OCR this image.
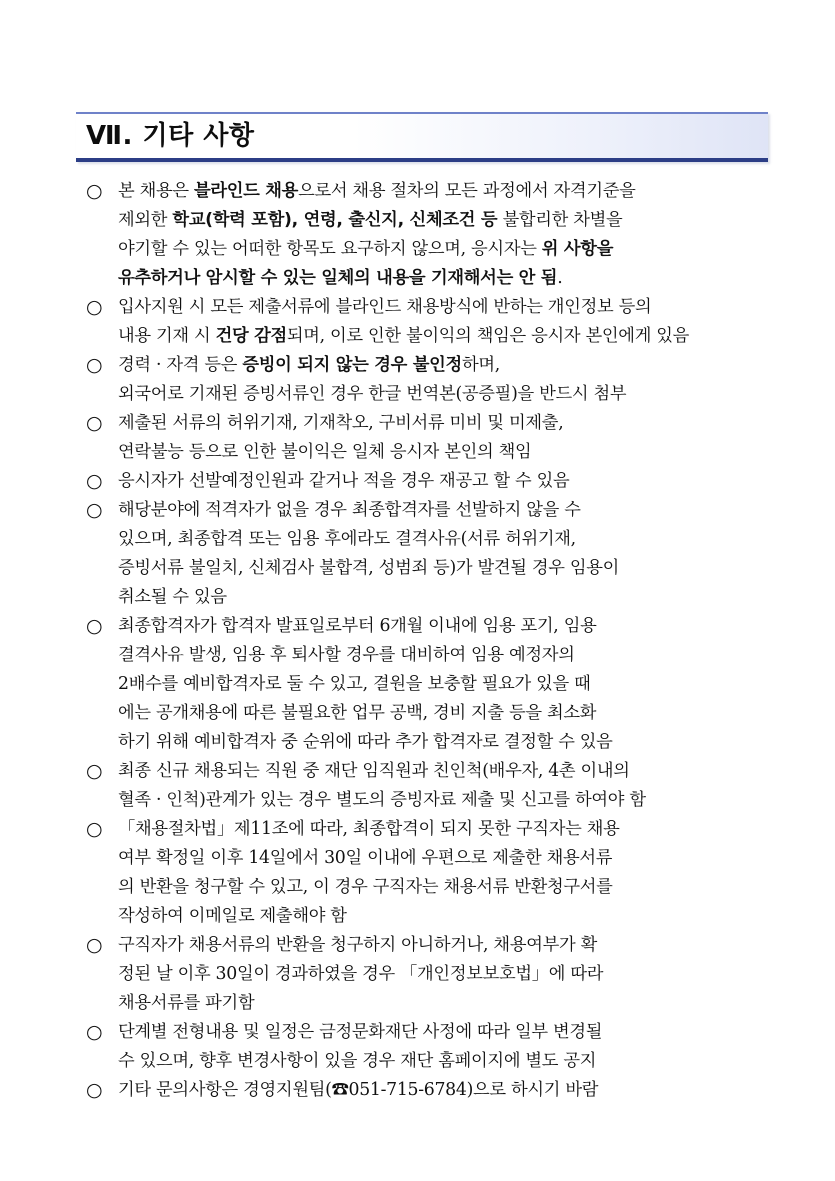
Ⅶ. 기타 사항
○ 본 채용은 블라인드 채용으로서 채용 절차의 모든 과정에서 자격기준을
제외한 학교(학력 포함), 연령, 출신지, 신체조건 등 불합리한 차별을
야기할 수 있는 어떠한 항목도 요구하지 않으며, 응시자는 위 사항을
유추하거나 암시할 수 있는 일체의 내용을 기재해서는 안 됨.
○ 입사지원 시 모든 제출서류에 블라인드 채용방식에 반하는 개인정보 등의
내용 기재 시 건당 감점되며, 이로 인한 불이익의 책임은 응시자 본인에게 있음
○ 경력 · 자격 등은 증빙이 되지 않는 경우 불인정하며,
외국어로 기재된 증빙서류인 경우 한글 번역본(공증필)을 반드시 첨부
○ 제출된 서류의 허위기재, 기재착오, 구비서류 미비 및 미제출,
연락불능 등으로 인한 불이익은 일체 응시자 본인의 책임
○ 응시자가 선발예정인원과 같거나 적을 경우 재공고 할 수 있음
○ 해당분야에 적격자가 없을 경우 최종합격자를 선발하지 않을 수
있으며, 최종합격 또는 임용 후에라도 결격사유(서류 허위기재,
증빙서류 불일치, 신체검사 불합격, 성범죄 등)가 발견될 경우 임용이
취소될 수 있음
○ 최종합격자가 합격자 발표일로부터 6개월 이내에 임용 포기, 임용
결격사유 발생, 임용 후 퇴사할 경우를 대비하여 임용 예정자의
2배수를 예비합격자로 둘 수 있고, 결원을 보충할 필요가 있을 때
에는 공개채용에 따른 불필요한 업무 공백, 경비 지출 등을 최소화
하기 위해 예비합격자 중 순위에 따라 추가 합격자로 결정할 수 있음
○ 최종 신규 채용되는 직원 중 재단 임직원과 친인척(배우자, 4촌 이내의
혈족 · 인척)관계가 있는 경우 별도의 증빙자료 제출 및 신고를 하여야 함
○ 「채용절차법」제11조에 따라, 최종합격이 되지 못한 구직자는 채용
여부 확정일 이후 14일에서 30일 이내에 우편으로 제출한 채용서류
의 반환을 청구할 수 있고, 이 경우 구직자는 채용서류 반환청구서를
작성하여 이메일로 제출해야 함
○ 구직자가 채용서류의 반환을 청구하지 아니하거나, 채용여부가 확
정된 날 이후 30일이 경과하였을 경우 「개인정보보호법」에 따라
채용서류를 파기함
○ 단계별 전형내용 및 일정은 금정문화재단 사정에 따라 일부 변경될
수 있으며, 향후 변경사항이 있을 경우 재단 홈페이지에 별도 공지
○ 기타 문의사항은 경영지원팀(☎051-715-6784)으로 하시기 바람
